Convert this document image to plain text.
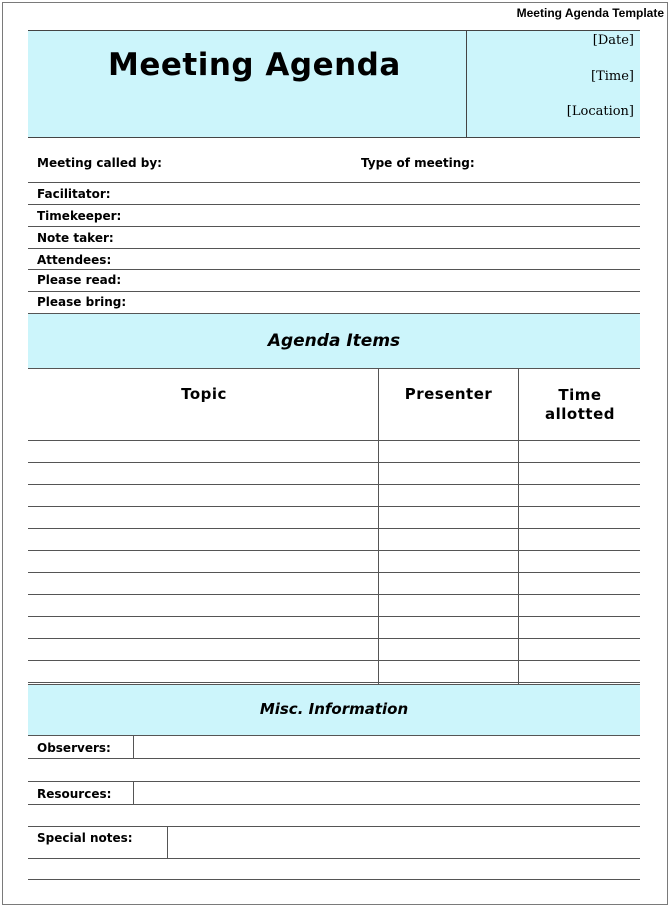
Meeting Agenda Template
Meeting Agenda
[Date]
[Time]
[Location]
Meeting called by:	Type of meeting:
Facilitator:
Timekeeper:
Note taker:
Attendees:
Please read:
Please bring:
Agenda Items
Topic	Presenter	Time allotted
Misc. Information
Observers:
Resources:
Special notes:
